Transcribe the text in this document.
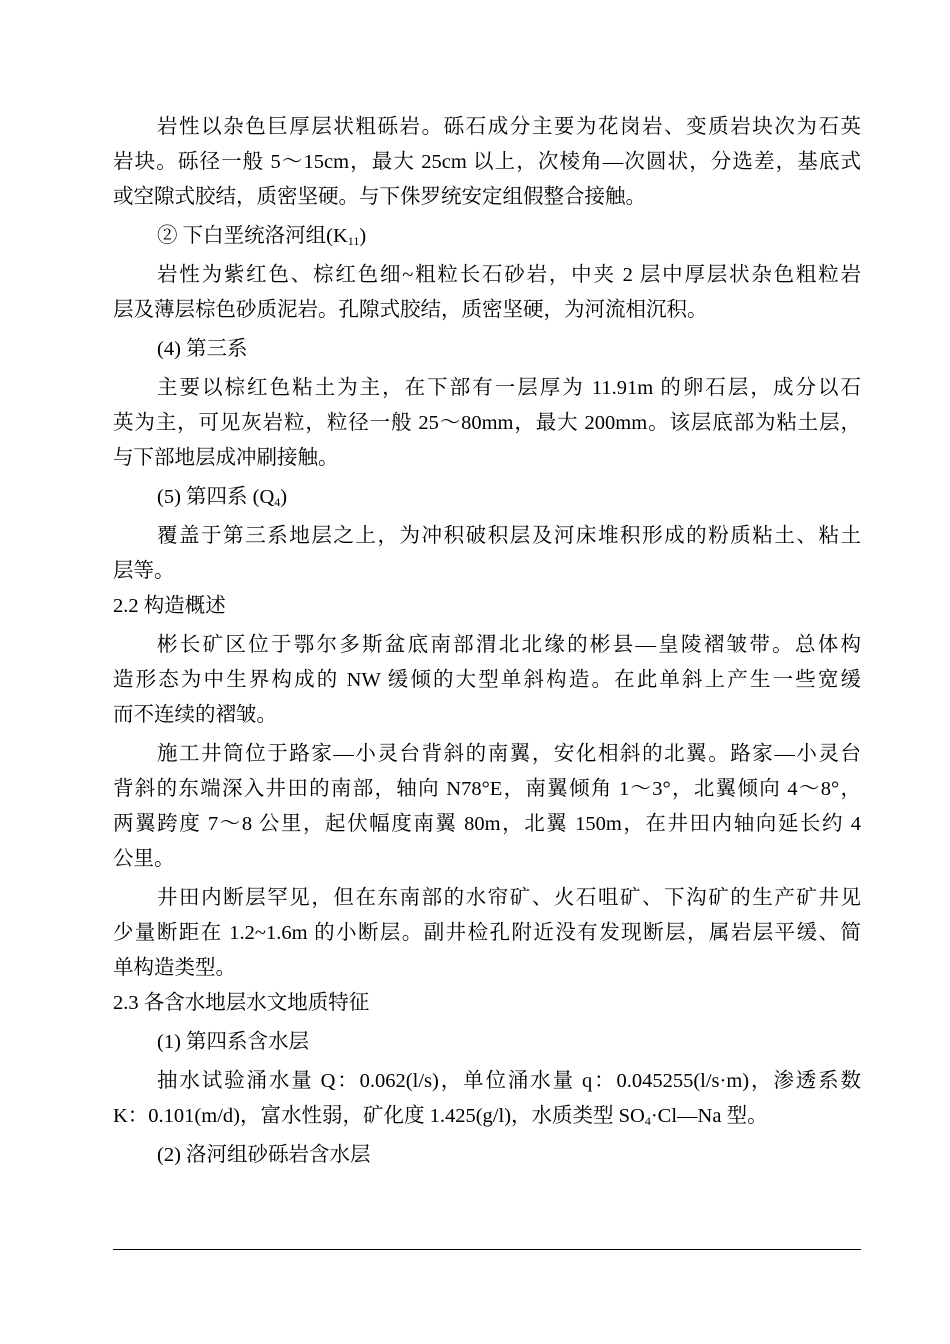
岩性以杂色巨厚层状粗砾岩。砾石成分主要为花岗岩、变质岩块次为石英

岩块。砾径一般 5～15cm，最大 25cm 以上，次棱角—次圆状，分选差，基底式

或空隙式胶结，质密坚硬。与下侏罗统安定组假整合接触。

② 下白垩统洛河组$(K_{11})$

岩性为紫红色、棕红色细~粗粒长石砂岩，中夹 2 层中厚层状杂色粗粒岩

层及薄层棕色砂质泥岩。孔隙式胶结，质密坚硬，为河流相沉积。

(4) 第三系

主要以棕红色粘土为主，在下部有一层厚为 11.91m 的卵石层，成分以石

英为主，可见灰岩粒，粒径一般 25～80mm，最大 200mm。该层底部为粘土层，

与下部地层成冲刷接触。

(5) 第四系 $(Q_4)$

覆盖于第三系地层之上，为冲积破积层及河床堆积形成的粉质粘土、粘土

层等。

2.2 构造概述

彬长矿区位于鄂尔多斯盆底南部渭北北缘的彬县—皇陵褶皱带。总体构

造形态为中生界构成的 NW 缓倾的大型单斜构造。在此单斜上产生一些宽缓

而不连续的褶皱。

施工井筒位于路家—小灵台背斜的南翼，安化相斜的北翼。路家—小灵台

背斜的东端深入井田的南部，轴向 N78°E，南翼倾角 1～3°，北翼倾向 4～8°，

两翼跨度 7～8 公里，起伏幅度南翼 80m，北翼 150m，在井田内轴向延长约 4

公里。

井田内断层罕见，但在东南部的水帘矿、火石咀矿、下沟矿的生产矿井见

少量断距在 1.2~1.6m 的小断层。副井检孔附近没有发现断层，属岩层平缓、简

单构造类型。

2.3 各含水地层水文地质特征

(1) 第四系含水层

抽水试验涌水量 Q：0.062(l/s)，单位涌水量 q：0.045255(l/s·m)，渗透系数

K：0.101(m/d)，富水性弱，矿化度 1.425(g/l)，水质类型 $SO_4\cdot Cl—Na$ 型。

(2) 洛河组砂砾岩含水层
